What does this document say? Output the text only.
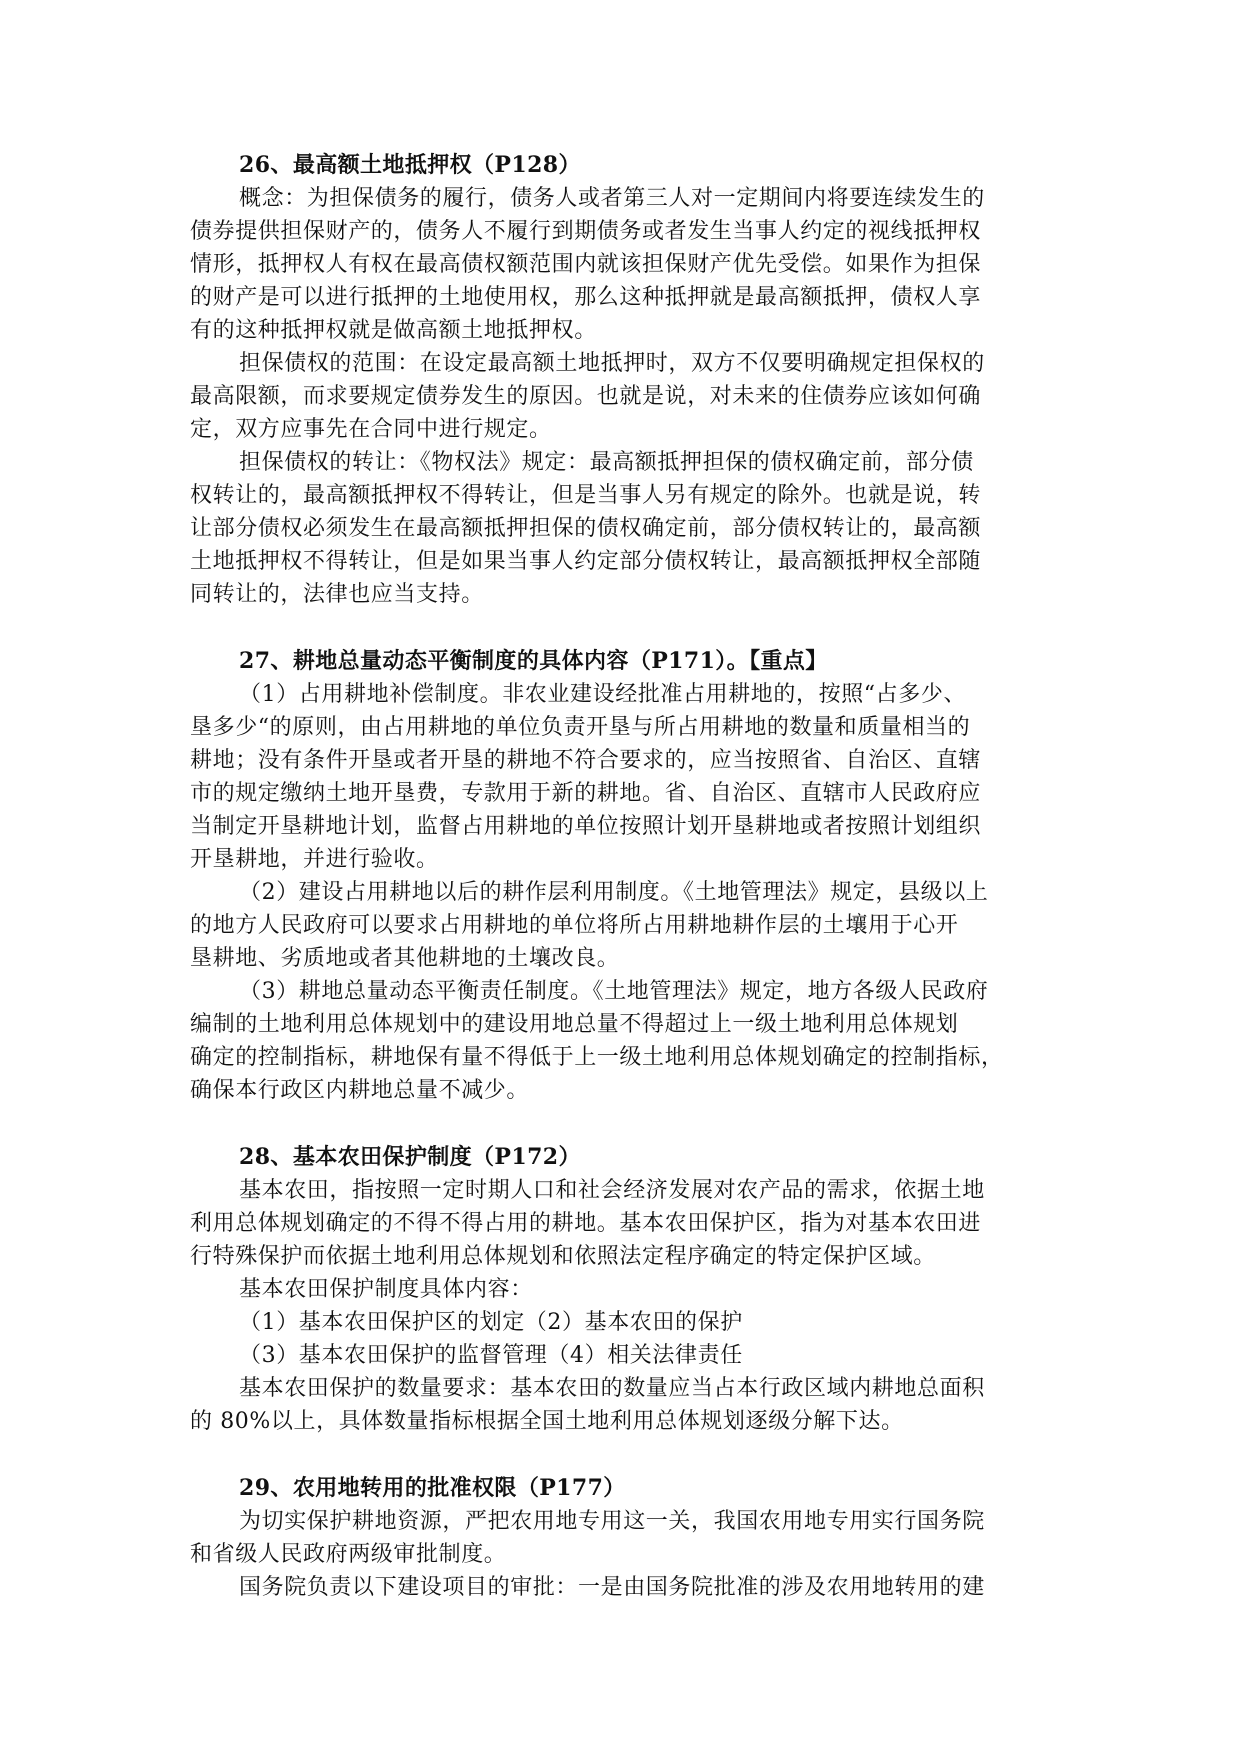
26、最高额土地抵押权（P128）
概念：为担保债务的履行，债务人或者第三人对一定期间内将要连续发生的
债券提供担保财产的，债务人不履行到期债务或者发生当事人约定的视线抵押权
情形，抵押权人有权在最高债权额范围内就该担保财产优先受偿。如果作为担保
的财产是可以进行抵押的土地使用权，那么这种抵押就是最高额抵押，债权人享
有的这种抵押权就是做高额土地抵押权。
担保债权的范围：在设定最高额土地抵押时，双方不仅要明确规定担保权的
最高限额，而求要规定债券发生的原因。也就是说，对未来的住债券应该如何确
定，双方应事先在合同中进行规定。
担保债权的转让：《物权法》规定：最高额抵押担保的债权确定前，部分债
权转让的，最高额抵押权不得转让，但是当事人另有规定的除外。也就是说，转
让部分债权必须发生在最高额抵押担保的债权确定前，部分债权转让的，最高额
土地抵押权不得转让，但是如果当事人约定部分债权转让，最高额抵押权全部随
同转让的，法律也应当支持。
27、耕地总量动态平衡制度的具体内容（P171）。【重点】
（1）占用耕地补偿制度。非农业建设经批准占用耕地的，按照“占多少、
垦多少“的原则，由占用耕地的单位负责开垦与所占用耕地的数量和质量相当的
耕地；没有条件开垦或者开垦的耕地不符合要求的，应当按照省、自治区、直辖
市的规定缴纳土地开垦费，专款用于新的耕地。省、自治区、直辖市人民政府应
当制定开垦耕地计划，监督占用耕地的单位按照计划开垦耕地或者按照计划组织
开垦耕地，并进行验收。
（2）建设占用耕地以后的耕作层利用制度。《土地管理法》规定，县级以上
的地方人民政府可以要求占用耕地的单位将所占用耕地耕作层的土壤用于心开
垦耕地、劣质地或者其他耕地的土壤改良。
（3）耕地总量动态平衡责任制度。《土地管理法》规定，地方各级人民政府
编制的土地利用总体规划中的建设用地总量不得超过上一级土地利用总体规划
确定的控制指标，耕地保有量不得低于上一级土地利用总体规划确定的控制指标，
确保本行政区内耕地总量不减少。
28、基本农田保护制度（P172）
基本农田，指按照一定时期人口和社会经济发展对农产品的需求，依据土地
利用总体规划确定的不得不得占用的耕地。基本农田保护区，指为对基本农田进
行特殊保护而依据土地利用总体规划和依照法定程序确定的特定保护区域。
基本农田保护制度具体内容：
（1）基本农田保护区的划定（2）基本农田的保护
（3）基本农田保护的监督管理（4）相关法律责任
基本农田保护的数量要求：基本农田的数量应当占本行政区域内耕地总面积
的 80%以上，具体数量指标根据全国土地利用总体规划逐级分解下达。
29、农用地转用的批准权限（P177）
为切实保护耕地资源，严把农用地专用这一关，我国农用地专用实行国务院
和省级人民政府两级审批制度。
国务院负责以下建设项目的审批：一是由国务院批准的涉及农用地转用的建
